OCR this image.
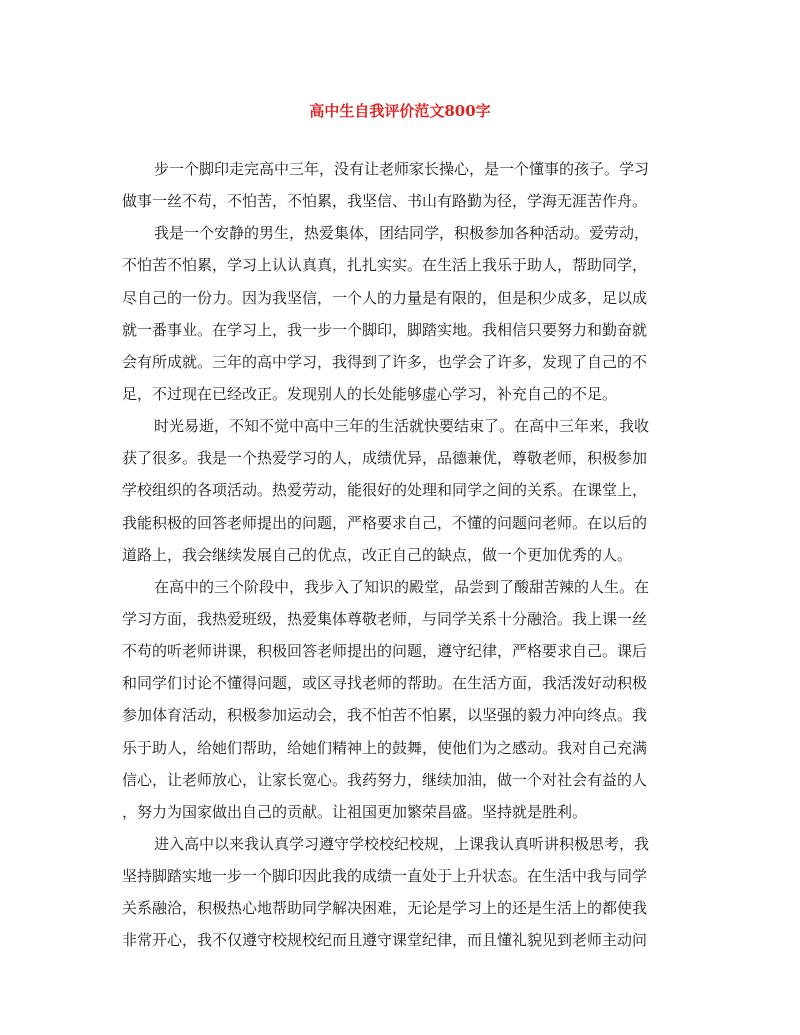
高中生自我评价范文800字
步一个脚印走完高中三年，没有让老师家长操心，是一个懂事的孩子。学习
做事一丝不苟，不怕苦，不怕累，我坚信、书山有路勤为径，学海无涯苦作舟。
我是一个安静的男生，热爱集体，团结同学，积极参加各种活动。爱劳动，
不怕苦不怕累，学习上认认真真，扎扎实实。在生活上我乐于助人，帮助同学，
尽自己的一份力。因为我坚信，一个人的力量是有限的，但是积少成多，足以成
就一番事业。在学习上，我一步一个脚印，脚踏实地。我相信只要努力和勤奋就
会有所成就。三年的高中学习，我得到了许多，也学会了许多，发现了自己的不
足，不过现在已经改正。发现别人的长处能够虚心学习，补充自己的不足。
时光易逝，不知不觉中高中三年的生活就快要结束了。在高中三年来，我收
获了很多。我是一个热爱学习的人，成绩优异，品德兼优，尊敬老师，积极参加
学校组织的各项活动。热爱劳动，能很好的处理和同学之间的关系。在课堂上，
我能积极的回答老师提出的问题，严格要求自己，不懂的问题问老师。在以后的
道路上，我会继续发展自己的优点，改正自己的缺点，做一个更加优秀的人。
在高中的三个阶段中，我步入了知识的殿堂，品尝到了酸甜苦辣的人生。在
学习方面，我热爱班级，热爱集体尊敬老师，与同学关系十分融洽。我上课一丝
不苟的听老师讲课，积极回答老师提出的问题，遵守纪律，严格要求自己。课后
和同学们讨论不懂得问题，或区寻找老师的帮助。在生活方面，我活泼好动积极
参加体育活动，积极参加运动会，我不怕苦不怕累，以坚强的毅力冲向终点。我
乐于助人，给她们帮助，给她们精神上的鼓舞，使他们为之感动。我对自己充满
信心，让老师放心，让家长宽心。我药努力，继续加油，做一个对社会有益的人
，努力为国家做出自己的贡献。让祖国更加繁荣昌盛。坚持就是胜利。
进入高中以来我认真学习遵守学校校纪校规，上课我认真听讲积极思考，我
坚持脚踏实地一步一个脚印因此我的成绩一直处于上升状态。在生活中我与同学
关系融洽，积极热心地帮助同学解决困难，无论是学习上的还是生活上的都使我
非常开心，我不仅遵守校规校纪而且遵守课堂纪律，而且懂礼貌见到老师主动问
